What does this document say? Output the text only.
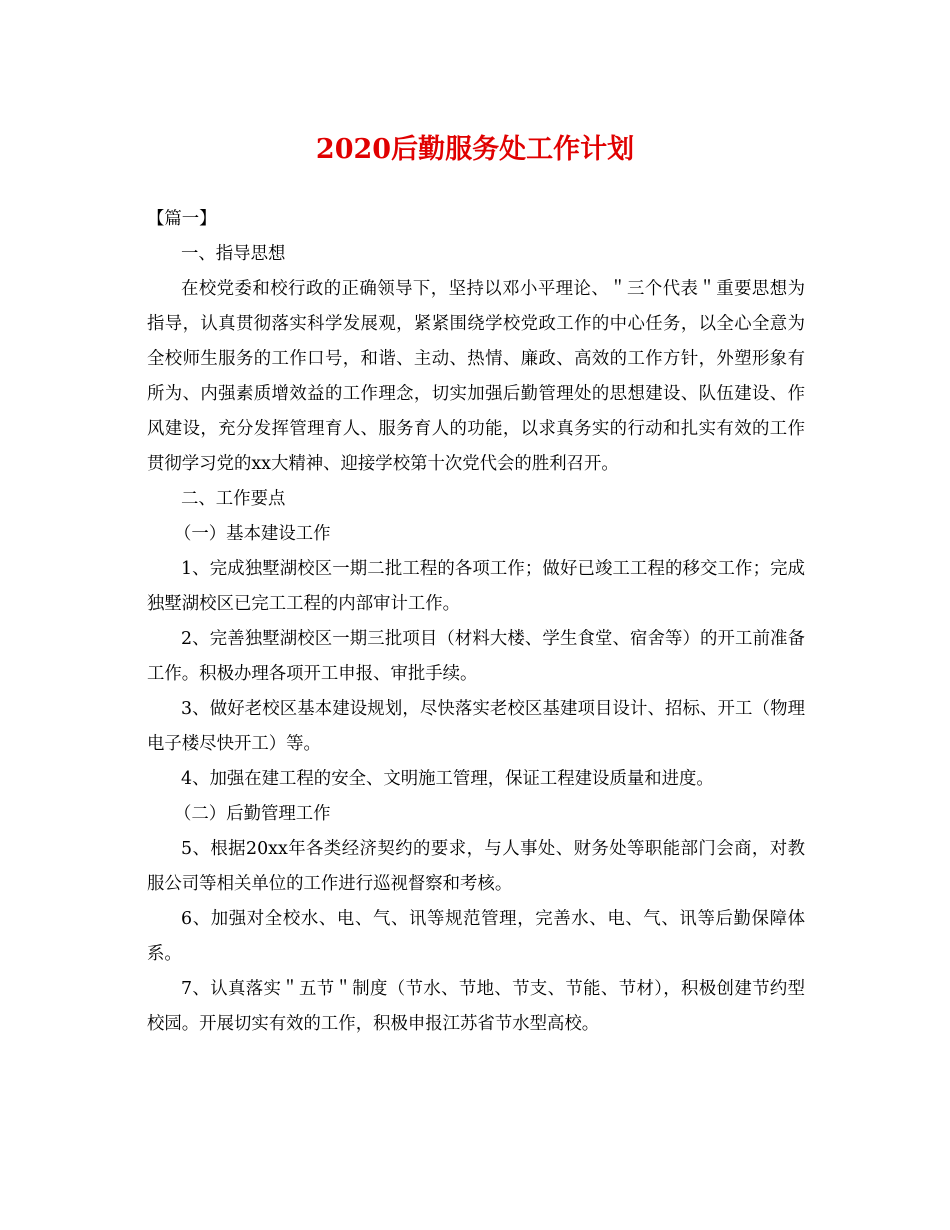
2020后勤服务处工作计划

【篇一】

一、指导思想

在校党委和校行政的正确领导下，坚持以邓小平理论、＂三个代表＂重要思想为指导，认真贯彻落实科学发展观，紧紧围绕学校党政工作的中心任务，以全心全意为全校师生服务的工作口号，和谐、主动、热情、廉政、高效的工作方针，外塑形象有所为、内强素质增效益的工作理念，切实加强后勤管理处的思想建设、队伍建设、作风建设，充分发挥管理育人、服务育人的功能，以求真务实的行动和扎实有效的工作贯彻学习党的xx大精神、迎接学校第十次党代会的胜利召开。

二、工作要点

（一）基本建设工作

1、完成独墅湖校区一期二批工程的各项工作；做好已竣工工程的移交工作；完成独墅湖校区已完工工程的内部审计工作。

2、完善独墅湖校区一期三批项目（材料大楼、学生食堂、宿舍等）的开工前准备工作。积极办理各项开工申报、审批手续。

3、做好老校区基本建设规划，尽快落实老校区基建项目设计、招标、开工（物理电子楼尽快开工）等。

4、加强在建工程的安全、文明施工管理，保证工程建设质量和进度。

（二）后勤管理工作

5、根据20xx年各类经济契约的要求，与人事处、财务处等职能部门会商，对教服公司等相关单位的工作进行巡视督察和考核。

6、加强对全校水、电、气、讯等规范管理，完善水、电、气、讯等后勤保障体系。

7、认真落实＂五节＂制度（节水、节地、节支、节能、节材），积极创建节约型校园。开展切实有效的工作，积极申报江苏省节水型高校。
